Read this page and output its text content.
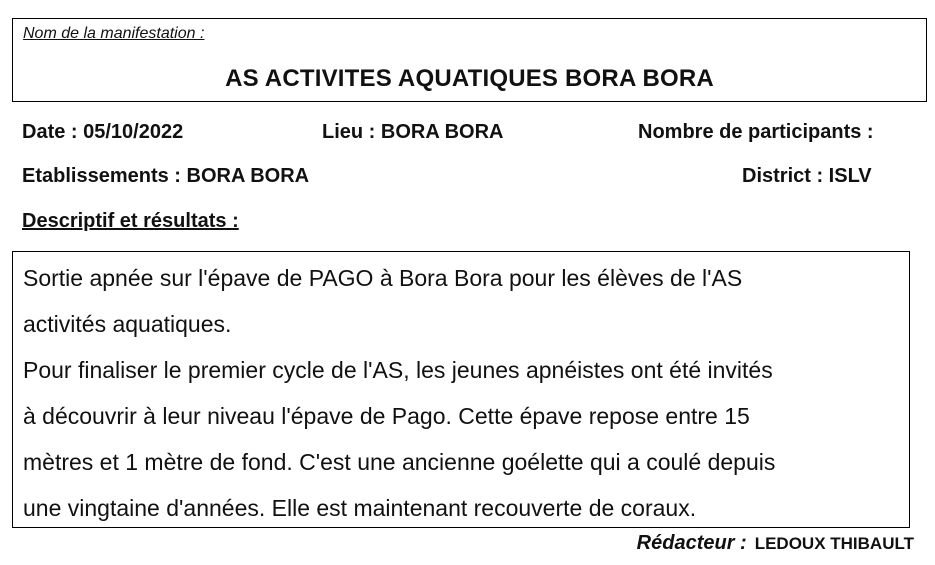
Nom de la manifestation :
AS ACTIVITES AQUATIQUES BORA BORA
Date : 05/10/2022	Lieu : BORA BORA	Nombre de participants :
Etablissements : BORA BORA	District : ISLV
Descriptif et résultats :
Sortie apnée sur l'épave de PAGO à Bora Bora pour les élèves de l'AS
activités aquatiques.
Pour finaliser le premier cycle de l'AS, les jeunes apnéistes ont été invités
à découvrir à leur niveau l'épave de Pago. Cette épave repose entre 15
mètres et 1 mètre de fond. C'est une ancienne goélette qui a coulé depuis
une vingtaine d'années. Elle est maintenant recouverte de coraux.
Rédacteur : LEDOUX THIBAULT
